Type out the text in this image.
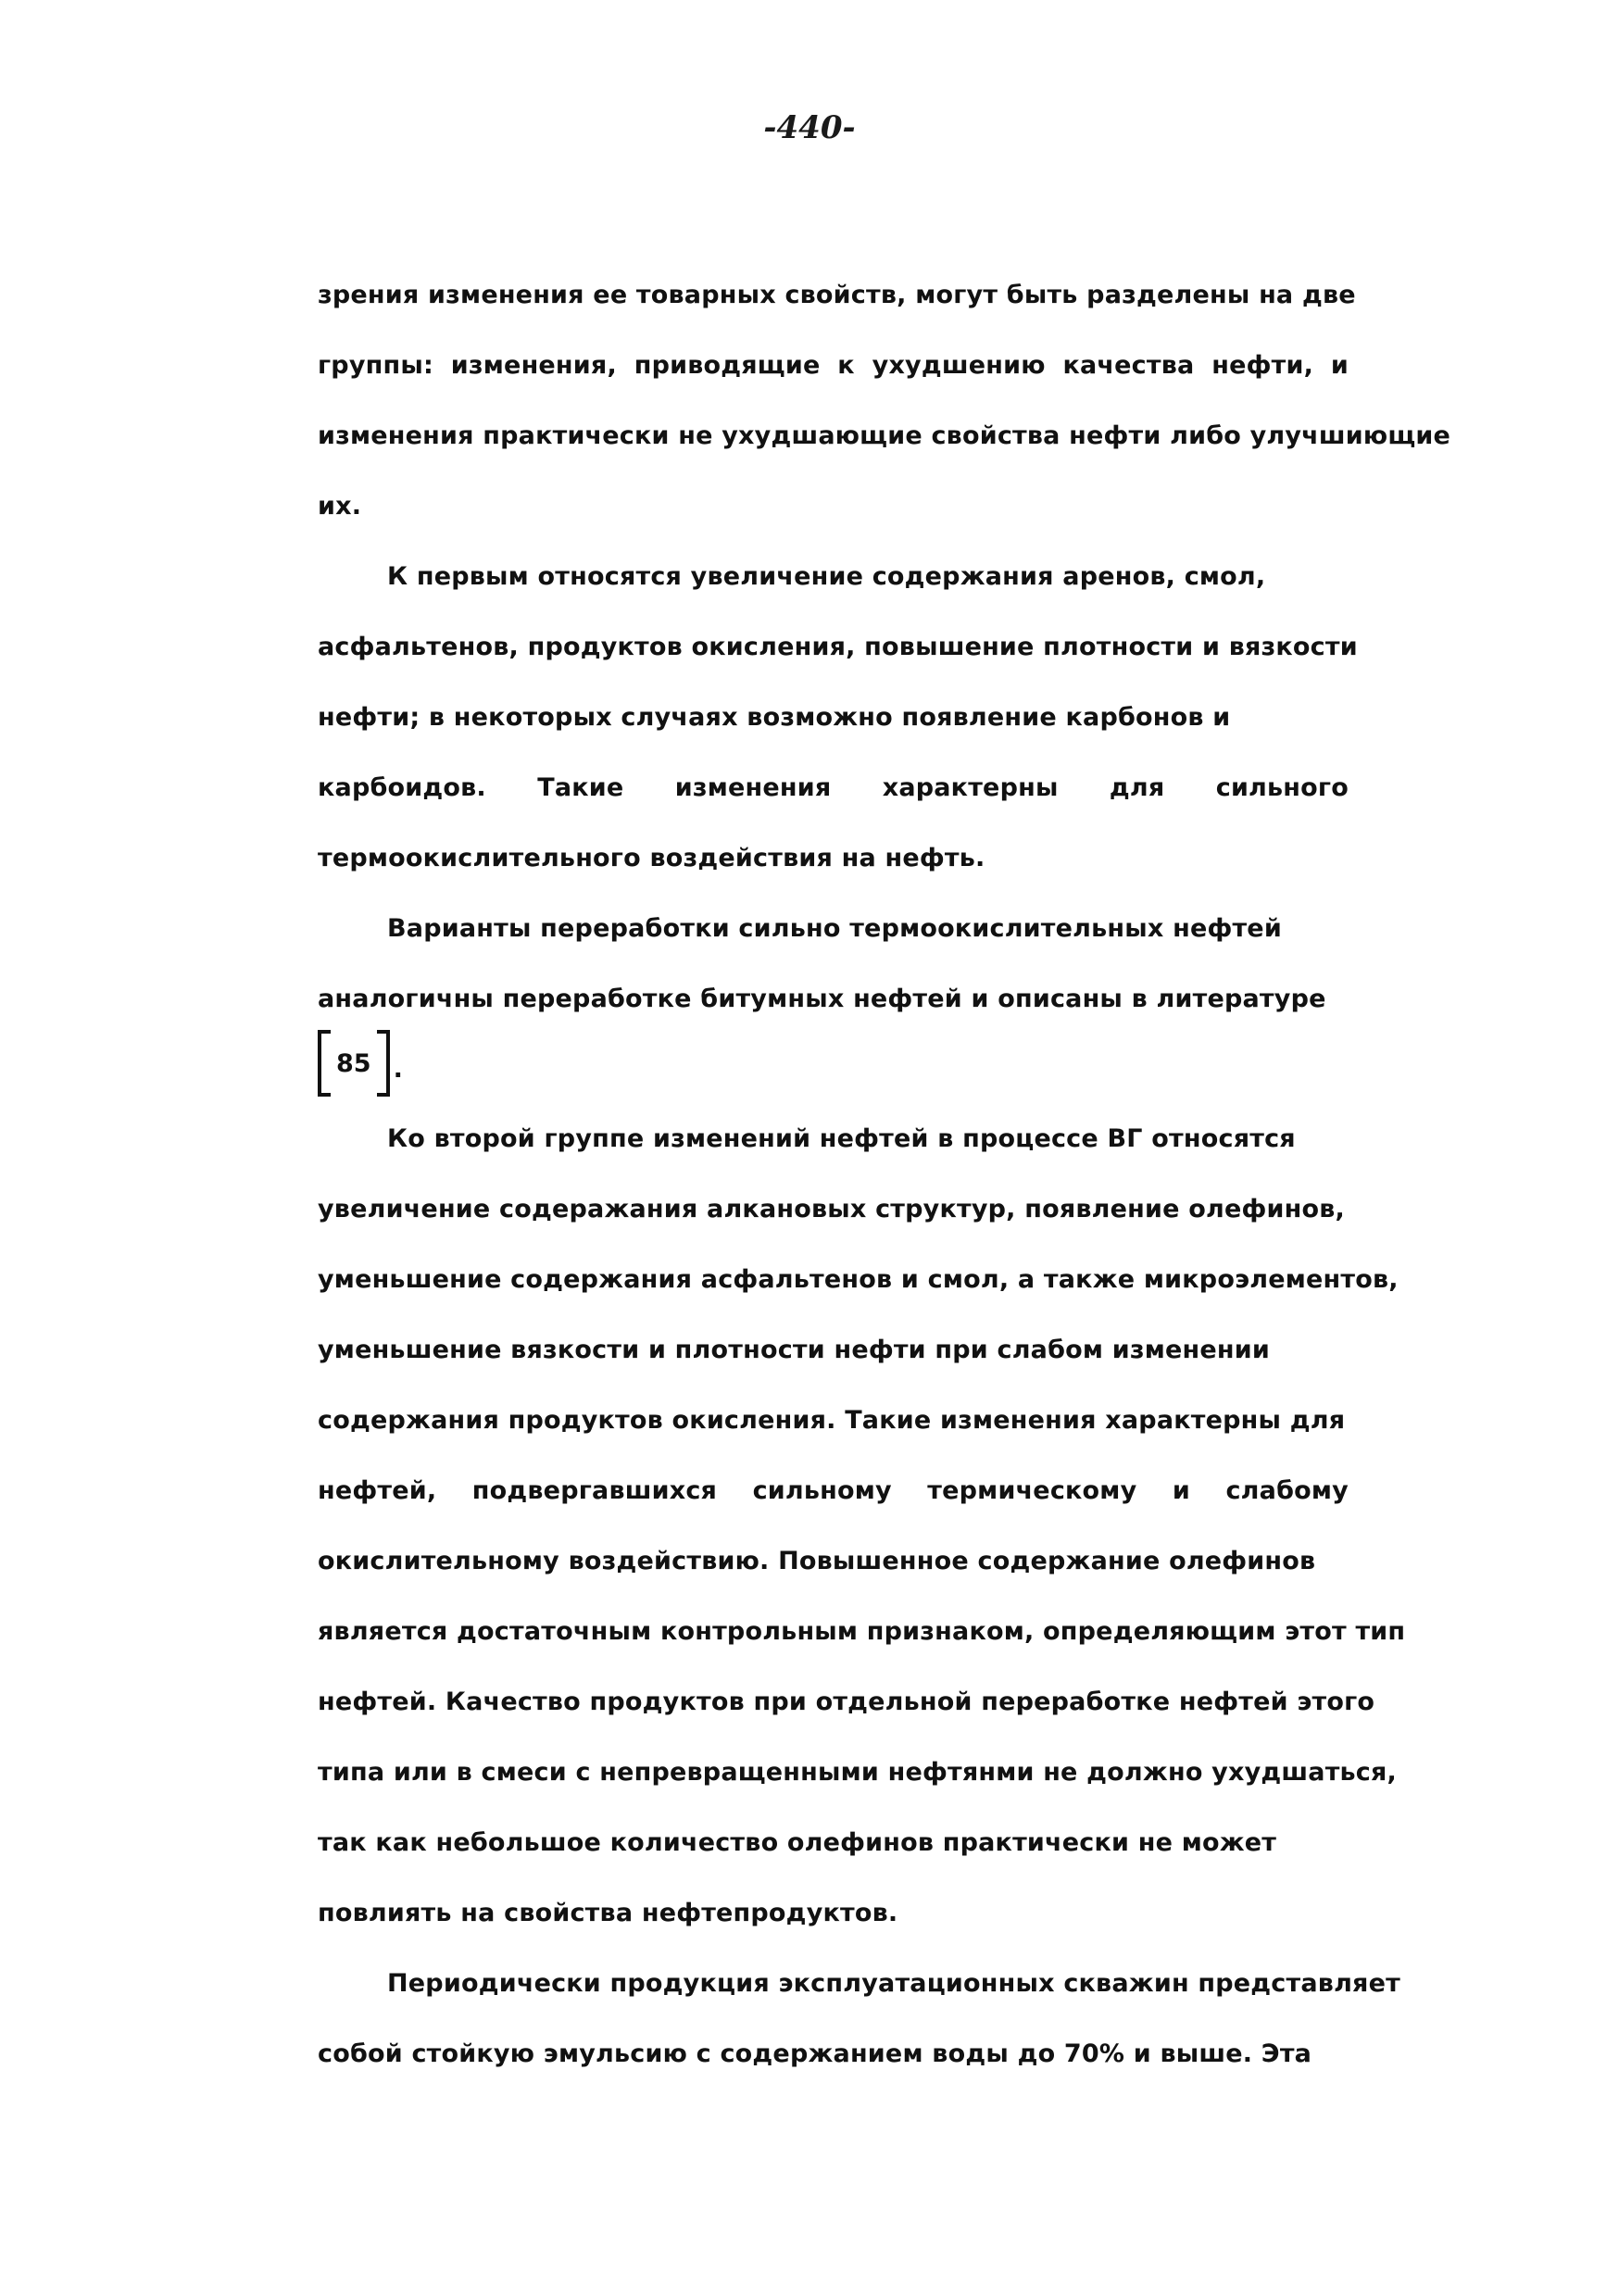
-440-
зрения изменения ее товарных свойств, могут быть разделены на две
группы: изменения, приводящие к ухудшению качества нефти, и
изменения практически не ухудшающие свойства нефти либо улучшиющие
их.
К первым относятся увеличение содержания аренов, смол,
асфальтенов, продуктов окисления, повышение плотности и вязкости
нефти; в некоторых случаях возможно появление карбонов и
карбоидов. Такие изменения характерны для сильного
термоокислительного воздействия на нефть.
Варианты переработки сильно термоокислительных нефтей
аналогичны переработке битумных нефтей и описаны в литературе
85 .
Ко второй группе изменений нефтей в процессе ВГ относятся
увеличение содеражания алкановых структур, появление олефинов,
уменьшение содержания асфальтенов и смол, а также микроэлементов,
уменьшение вязкости и плотности нефти при слабом изменении
содержания продуктов окисления. Такие изменения характерны для
нефтей, подвергавшихся сильному термическому и слабому
окислительному воздействию. Повышенное содержание олефинов
является достаточным контрольным признаком, определяющим этот тип
нефтей. Качество продуктов при отдельной переработке нефтей этого
типа или в смеси с непревращенными нефтянми не должно ухудшаться,
так как небольшое количество олефинов практически не может
повлиять на свойства нефтепродуктов.
Периодически продукция эксплуатационных скважин представляет
собой стойкую эмульсию с содержанием воды до 70% и выше. Эта
